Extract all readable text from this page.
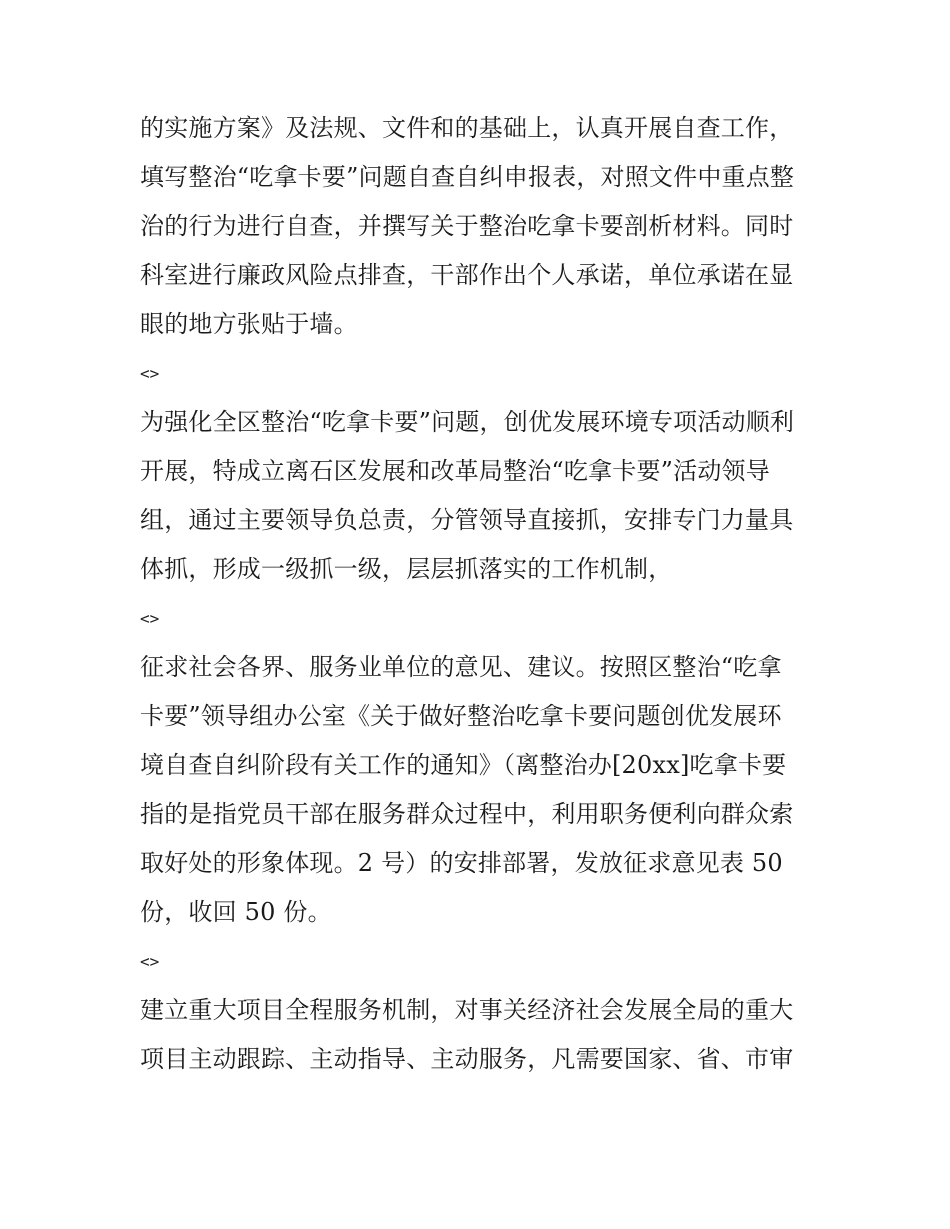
的实施方案》及法规、文件和的基础上，认真开展自查工作，
填写整治“吃拿卡要”问题自查自纠申报表，对照文件中重点整
治的行为进行自查，并撰写关于整治吃拿卡要剖析材料。同时
科室进行廉政风险点排查，干部作出个人承诺，单位承诺在显
眼的地方张贴于墙。
<>
为强化全区整治“吃拿卡要”问题，创优发展环境专项活动顺利
开展，特成立离石区发展和改革局整治“吃拿卡要”活动领导
组，通过主要领导负总责，分管领导直接抓，安排专门力量具
体抓，形成一级抓一级，层层抓落实的工作机制，
<>
征求社会各界、服务业单位的意见、建议。按照区整治“吃拿
卡要”领导组办公室《关于做好整治吃拿卡要问题创优发展环
境自查自纠阶段有关工作的通知》（离整治办[20xx]吃拿卡要
指的是指党员干部在服务群众过程中，利用职务便利向群众索
取好处的形象体现。2 号）的安排部署，发放征求意见表 50
份，收回 50 份。
<>
建立重大项目全程服务机制，对事关经济社会发展全局的重大
项目主动跟踪、主动指导、主动服务，凡需要国家、省、市审
